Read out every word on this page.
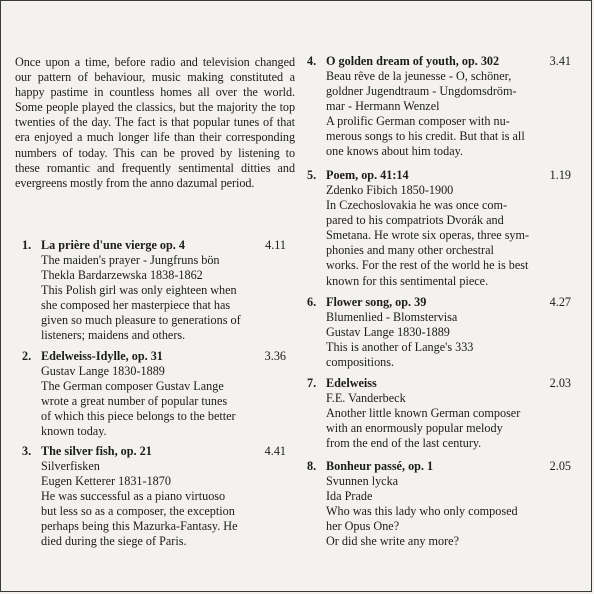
Once upon a time, before radio and television changed our pattern of behaviour, music making constituted a happy pastime in countless homes all over the world. Some people played the classics, but the majority the top twenties of the day. The fact is that popular tunes of that era enjoyed a much longer life than their corresponding numbers of today. This can be proved by listening to these romantic and frequently sentimental ditties and evergreens mostly from the anno dazumal period.
1. La prière d'une vierge op. 4	4.11
The maiden's prayer - Jungfruns bön
Thekla Bardarzewska 1838-1862
This Polish girl was only eighteen when
she composed her masterpiece that has
given so much pleasure to generations of
listeners; maidens and others.
2. Edelweiss-Idylle, op. 31	3.36
Gustav Lange 1830-1889
The German composer Gustav Lange
wrote a great number of popular tunes
of which this piece belongs to the better
known today.
3. The silver fish, op. 21	4.41
Silverfisken
Eugen Ketterer 1831-1870
He was successful as a piano virtuoso
but less so as a composer, the exception
perhaps being this Mazurka-Fantasy. He
died during the siege of Paris.
4. O golden dream of youth, op. 302	3.41
Beau rêve de la jeunesse - O, schöner,
goldner Jugendtraum - Ungdomsdröm-
mar - Hermann Wenzel
A prolific German composer with nu-
merous songs to his credit. But that is all
one knows about him today.
5. Poem, op. 41:14	1.19
Zdenko Fibich 1850-1900
In Czechoslovakia he was once com-
pared to his compatriots Dvorák and
Smetana. He wrote six operas, three sym-
phonies and many other orchestral
works. For the rest of the world he is best
known for this sentimental piece.
6. Flower song, op. 39	4.27
Blumenlied - Blomstervisa
Gustav Lange 1830-1889
This is another of Lange's 333
compositions.
7. Edelweiss	2.03
F.E. Vanderbeck
Another little known German composer
with an enormously popular melody
from the end of the last century.
8. Bonheur passé, op. 1	2.05
Svunnen lycka
Ida Prade
Who was this lady who only composed
her Opus One?
Or did she write any more?
